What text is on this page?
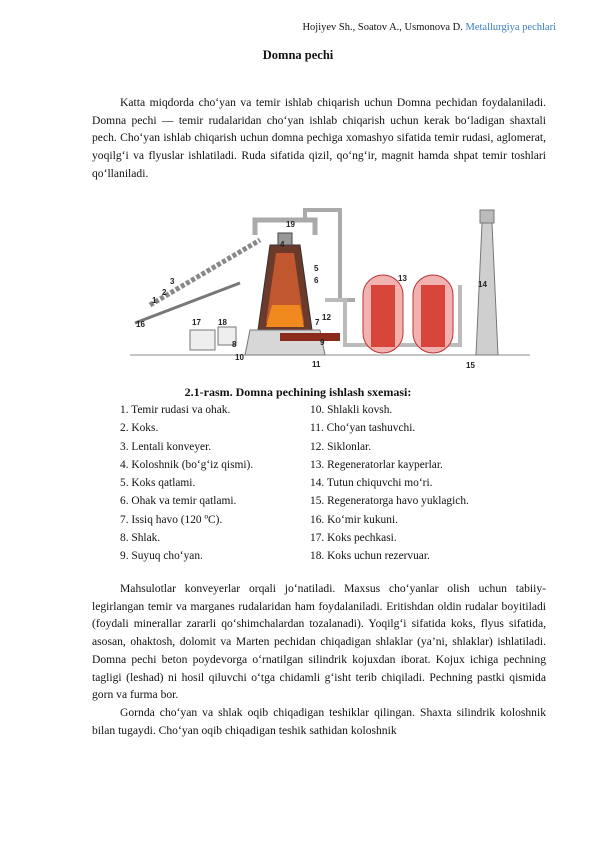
Hojiyev Sh., Soatov A., Usmonova D. Metallurgiya pechlari
Domna pechi

Katta miqdorda cho‘yan va temir ishlab chiqarish uchun Domna pechidan foydalaniladi. Domna pechi — temir rudalaridan cho‘yan ishlab chiqarish uchun kerak bo‘ladigan shaxtali pech. Cho‘yan ishlab chiqarish uchun domna pechiga xomashyo sifatida temir rudasi, aglomerat, yoqilg‘i va flyuslar ishlatiladi. Ruda sifatida qizil, qo‘ng‘ir, magnit hamda shpat temir toshlari qo‘llaniladi.

1
2
3
4
5
6
7
8	9
10
11
12
13
14
15
16	17 18
19
2.1-rasm. Domna pechining ishlash sxemasi:
1. Temir rudasi va ohak.	10. Shlakli kovsh.
2. Koks.	11. Cho‘yan tashuvchi.
3. Lentali konveyer.	12. Siklonlar.
4. Koloshnik (bo‘g‘iz qismi).	13. Regeneratorlar kayperlar.
5. Koks qatlami.	14. Tutun chiquvchi mo‘ri.
6. Ohak va temir qatlami.	15. Regeneratorga havo yuklagich.
7. Issiq havo (120 ºC).	16. Ko‘mir kukuni.
8. Shlak.	17. Koks pechkasi.
9. Suyuq cho‘yan.	18. Koks uchun rezervuar.

Mahsulotlar konveyerlar orqali jo‘natiladi. Maxsus cho‘yanlar olish uchun tabiiy-legirlangan temir va marganes rudalaridan ham foydalaniladi. Eritishdan oldin rudalar boyitiladi (foydali minerallar zararli qo‘shimchalardan tozalanadi). Yoqilg‘i sifatida koks, flyus sifatida, asosan, ohaktosh, dolomit va Marten pechidan chiqadigan shlaklar (ya’ni, shlaklar) ishlatiladi. Domna pechi beton poydevorga o‘rnatilgan silindrik kojuxdan iborat. Kojux ichiga pechning tagligi (leshad) ni hosil qiluvchi o‘tga chidamli g‘isht terib chiqiladi. Pechning pastki qismida gorn va furma bor.

Gornda cho‘yan va shlak oqib chiqadigan teshiklar qilingan. Shaxta silindrik koloshnik bilan tugaydi. Cho‘yan oqib chiqadigan teshik sathidan koloshnik
